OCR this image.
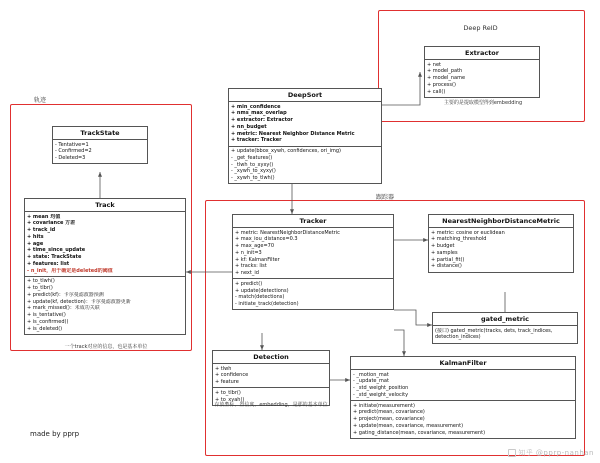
轨迹
Deep ReID
跟踪器
Extractor
+ net
+ model_path
+ model_name
+ process()
+ call()
主要的是提取模型得到embedding
DeepSort
+ min_confidence
+ nms_max_overlap
+ extractor: Extractor
+ nn_budget
+ metric: Nearest Neighbor Distance Metric
+ tracker: Tracker
+ update(bbox_xywh, confidences, ori_img)
- _get_features()
- _tlwh_to_xyxy()
- _xywh_to_xyxy()
- _xywh_to_tlwh()
TrackState
- Tentative=1
- Confirmed=2
- Deleted=3
Track
+ mean 均值
+ covariance 方差
+ track_id
+ hits
+ age
+ time_since_update
+ state: TrackState
+ features: list
- n_init，用于确定是deleted的阈值
+ to_tlwh()
+ to_tlbr()
+ predict(kf)：卡尔曼滤波器预测
+ update(kf, detection)：卡尔曼滤波器更新
+ mark_missed()：未成功关联
+ is_tentative()
+ is_confirmed()
+ is_deleted()
一个track对应的信息，也是基本单位
Tracker
+ metric: NearestNeighborDistanceMetric
+ max_iou_distance=0.3
+ max_age=70
+ n_init=3
+ kf: KalmanFilter
+ tracks: list
+ next_id
+ predict()
+ update(detections)
- match(detections)
- initiate_track(detection)
NearestNeighborDistanceMetric
+ metric: cosine or euclidean
+ matching_threshold
+ budget
+ samples
+ partial_fit()
+ distance()
gated_metric
(接口) gated_metric(tracks, dets, track_indices, detection_indices)
Detection
+ tlwh
+ confidence
+ feature
+ to_tlbr()
+ to_xyah()
存放坐标、置信度、embedding，是那的基本单位
KalmanFilter
- _motion_mat
- _update_mat
- _std_weight_position
- _std_weight_velocity
+ initiate(measurement)
+ predict(mean, covariance)
+ project(mean, covariance)
+ update(mean, covariance, measurement)
+ gating_distance(mean, covariance, measurement)
made by pprp
知乎 @pprp-nanhan
